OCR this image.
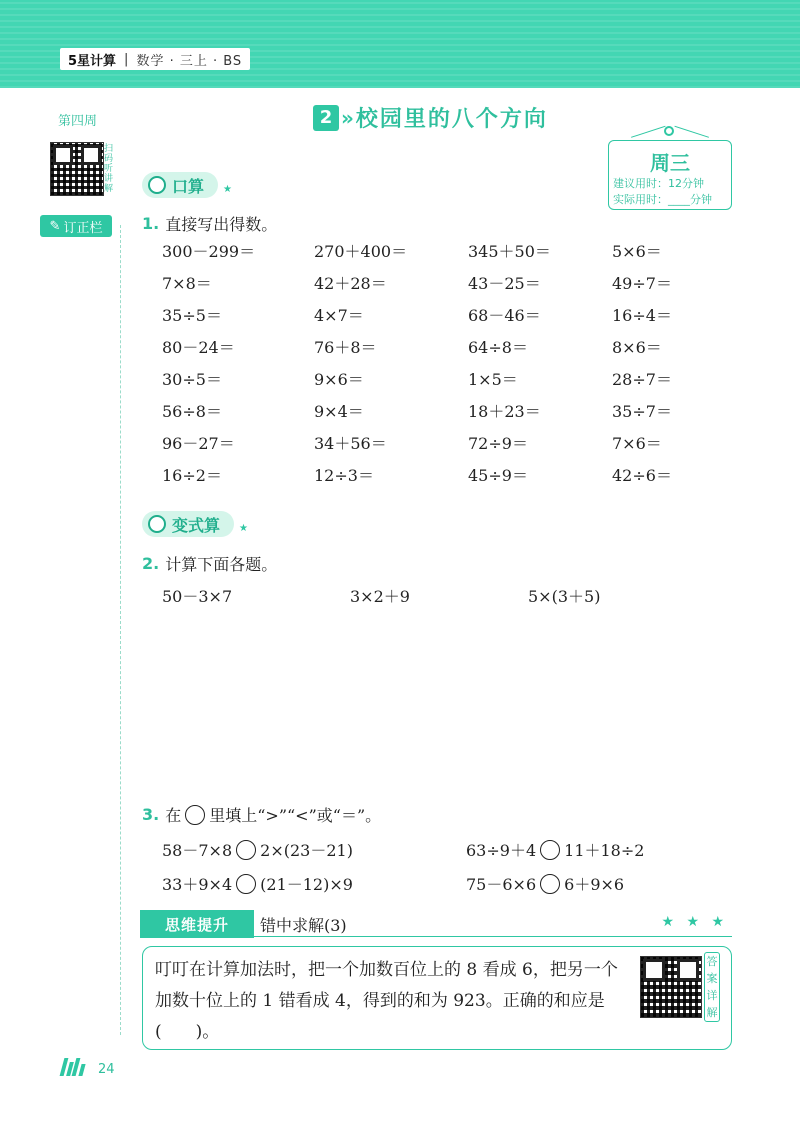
5星计算 | 数学 · 三上 · BS
第四周
扫码听讲解
✎ 订正栏
2 » 校园里的八个方向
周三
建议用时：12分钟
实际用时：____分钟
口算 ★
1. 直接写出得数。
300－299＝	270＋400＝	345＋50＝	5×6＝
7×8＝	42＋28＝	43－25＝	49÷7＝
35÷5＝	4×7＝	68－46＝	16÷4＝
80－24＝	76＋8＝	64÷8＝	8×6＝
30÷5＝	9×6＝	1×5＝	28÷7＝
56÷8＝	9×4＝	18＋23＝	35÷7＝
96－27＝	34＋56＝	72÷9＝	7×6＝
16÷2＝	12÷3＝	45÷9＝	42÷6＝
变式算 ★
2. 计算下面各题。
50－3×7	3×2＋9	5×(3＋5)
3. 在 里填上“>”“<”或“＝”。
58－7×8 2×(23－21)	63÷9＋4 11＋18÷2
33＋9×4 (21－12)×9	75－6×6 6＋9×6
思维提升	错中求解(3)	★ ★ ★
叮叮在计算加法时，把一个加数百位上的 8 看成 6，把另一个
加数十位上的 1 错看成 4，得到的和为 923。正确的和应是
(　　)。
答案详解
24
